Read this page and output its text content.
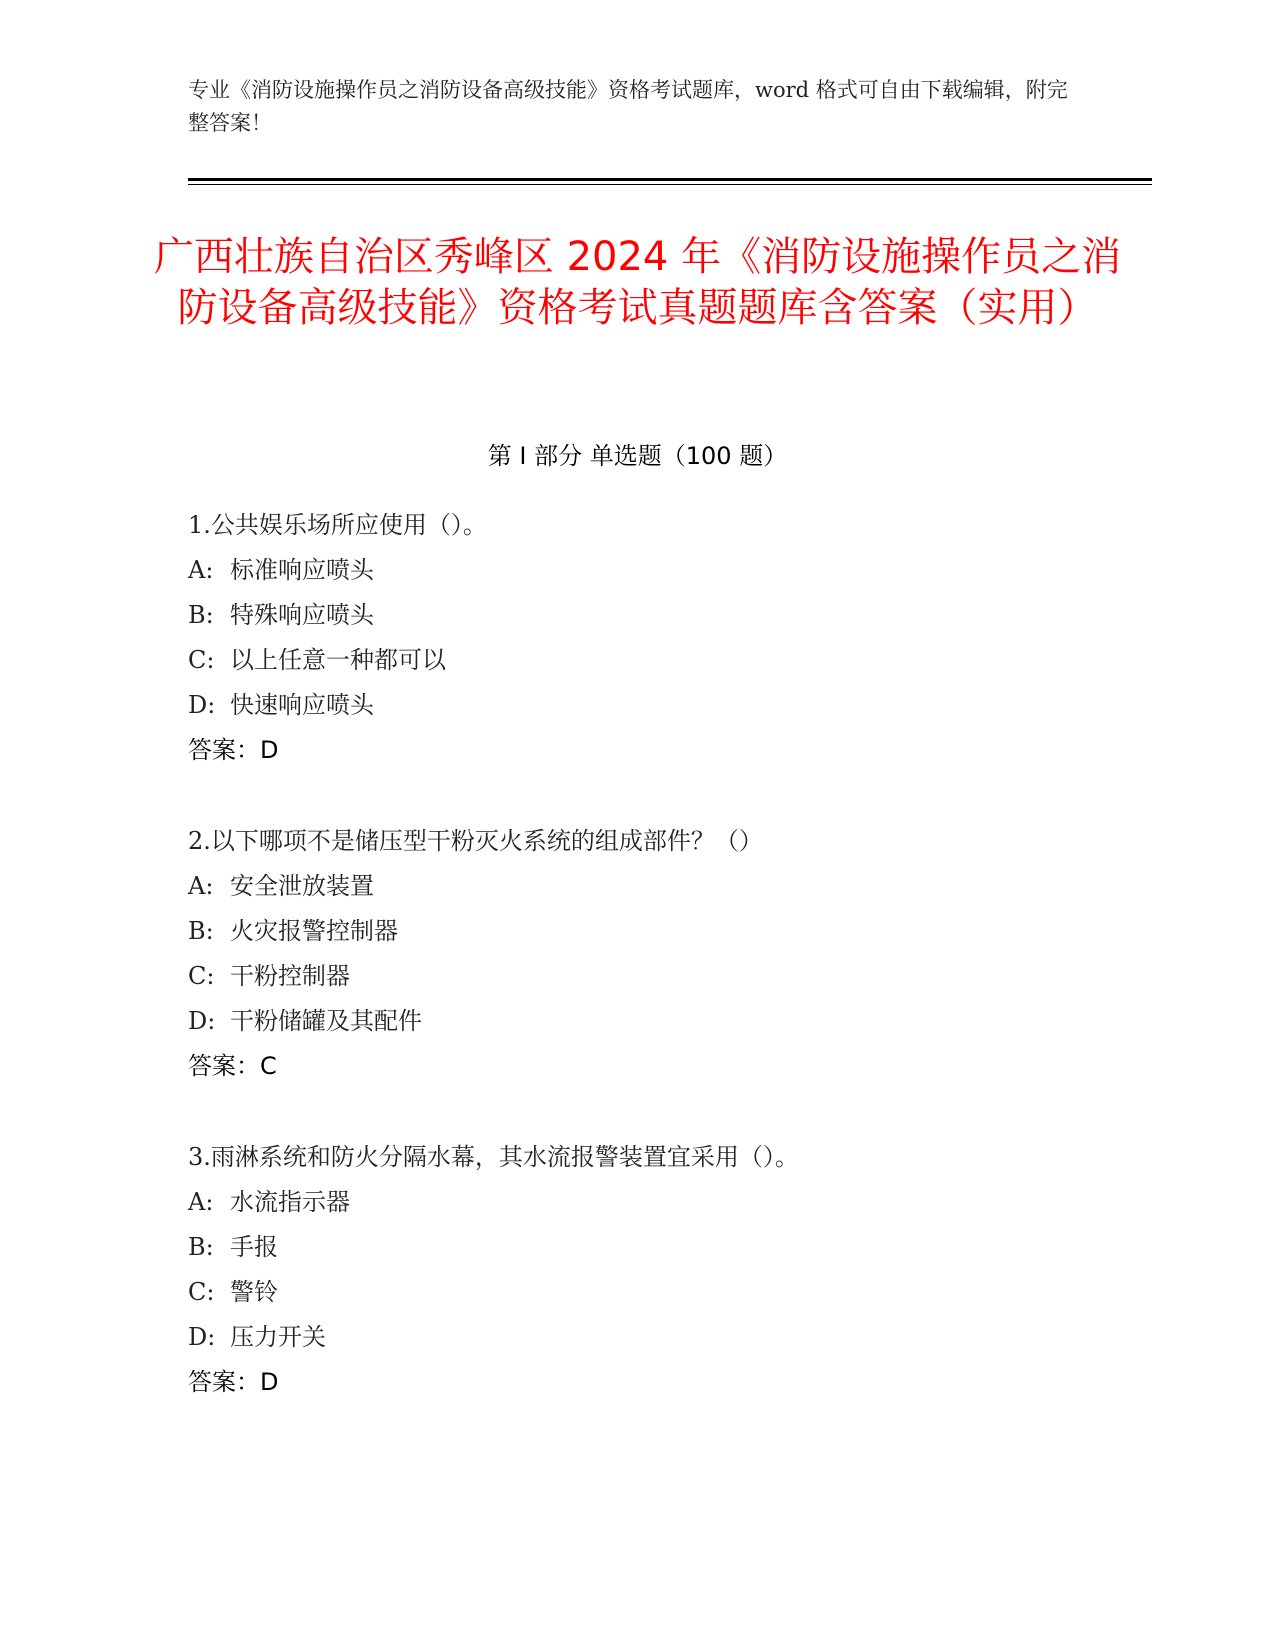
专业《消防设施操作员之消防设备高级技能》资格考试题库，word 格式可自由下载编辑，附完整答案！
广西壮族自治区秀峰区 2024 年《消防设施操作员之消防设备高级技能》资格考试真题题库含答案（实用）
第 I 部分 单选题（100 题）
1.公共娱乐场所应使用（）。
A: 标准响应喷头
B: 特殊响应喷头
C: 以上任意一种都可以
D: 快速响应喷头
答案：D
2.以下哪项不是储压型干粉灭火系统的组成部件？（）
A: 安全泄放装置
B: 火灾报警控制器
C: 干粉控制器
D: 干粉储罐及其配件
答案：C
3.雨淋系统和防火分隔水幕，其水流报警装置宜采用（）。
A: 水流指示器
B: 手报
C: 警铃
D: 压力开关
答案：D
